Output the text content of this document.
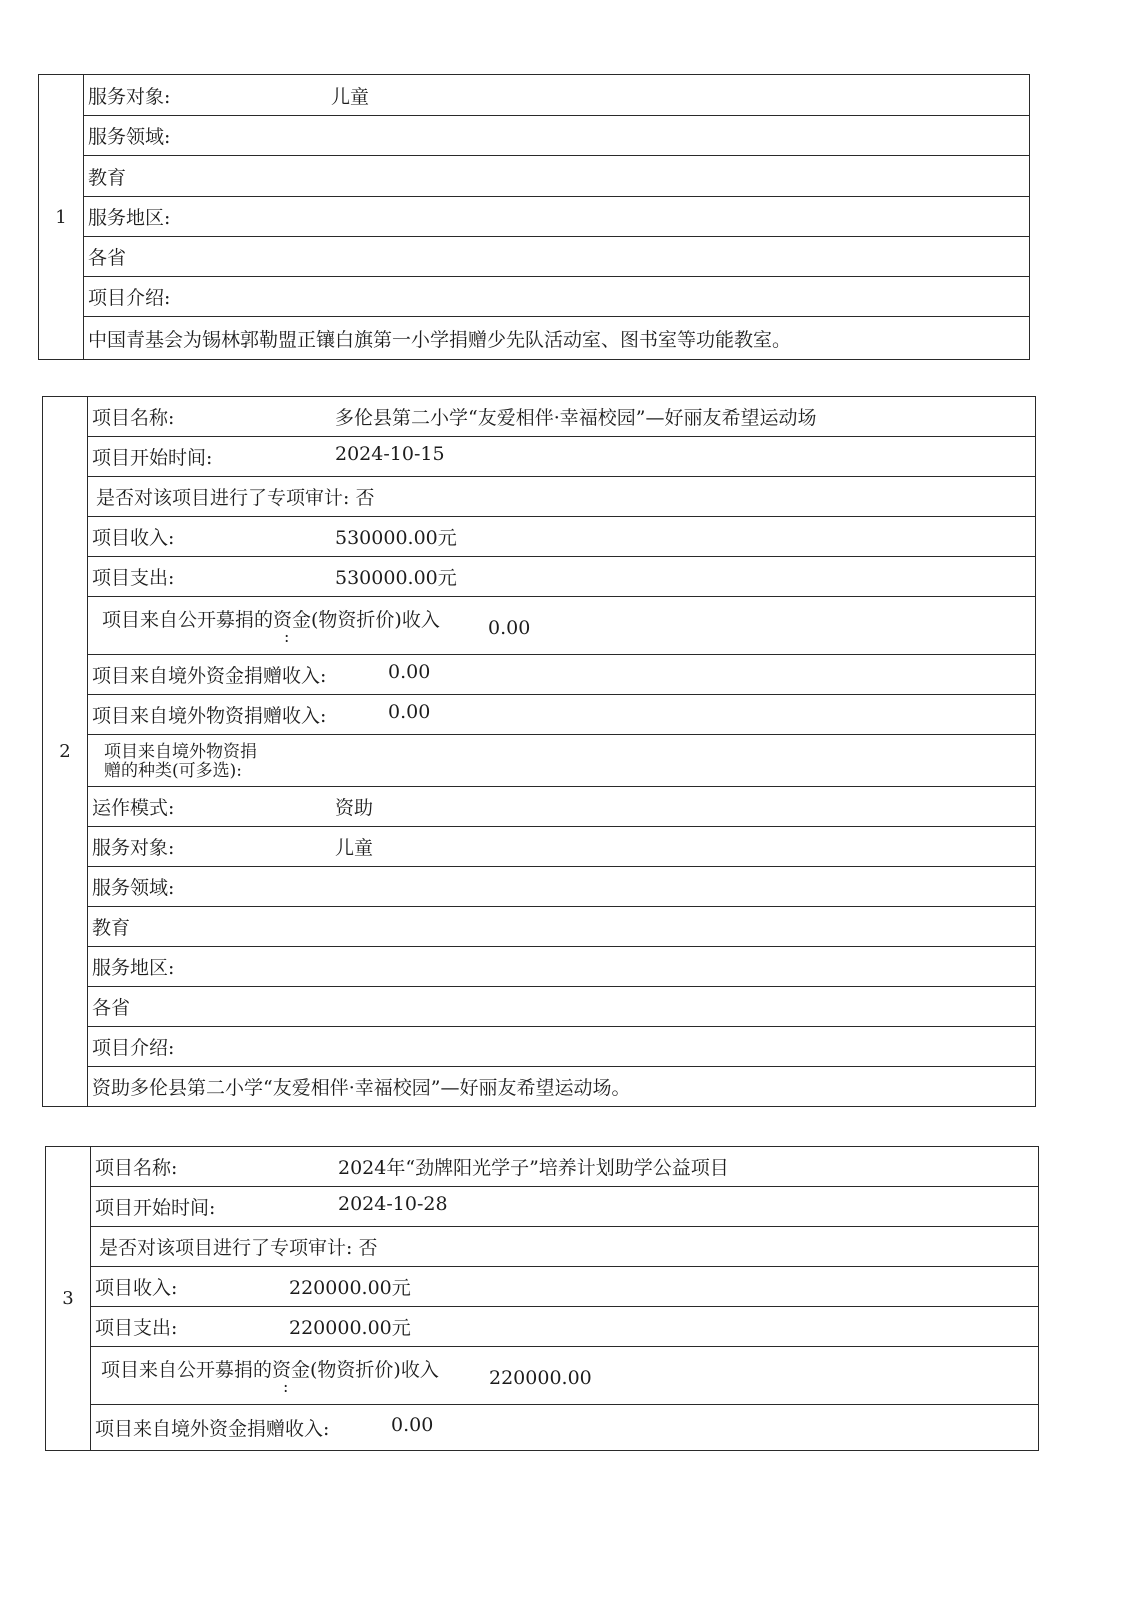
1	服务对象:	儿童

服务领域:
教育
服务地区:
各省
项目介绍:
中国青基会为锡林郭勒盟正镶白旗第一小学捐赠少先队活动室、图书室等功能教室。
2	项目名称:	多伦县第二小学“友爱相伴·幸福校园”—好丽友希望运动场

项目开始时间:	2024-10-15

是否对该项目进行了专项审计: 否
项目收入:	530000.00元

项目支出:	530000.00元

项目来自公开募捐的资金(物资折价)收入
:	0.00

项目来自境外资金捐赠收入:	0.00

项目来自境外物资捐赠收入:	0.00

项目来自境外物资捐
赠的种类(可多选):

运作模式:	资助

服务对象:	儿童

服务领域:
教育
服务地区:
各省
项目介绍:
资助多伦县第二小学“友爱相伴·幸福校园”—好丽友希望运动场。
3	项目名称:	2024年“劲牌阳光学子”培养计划助学公益项目

项目开始时间:	2024-10-28

是否对该项目进行了专项审计: 否
项目收入:	220000.00元

项目支出:	220000.00元

项目来自公开募捐的资金(物资折价)收入
:	220000.00

项目来自境外资金捐赠收入:	0.00
